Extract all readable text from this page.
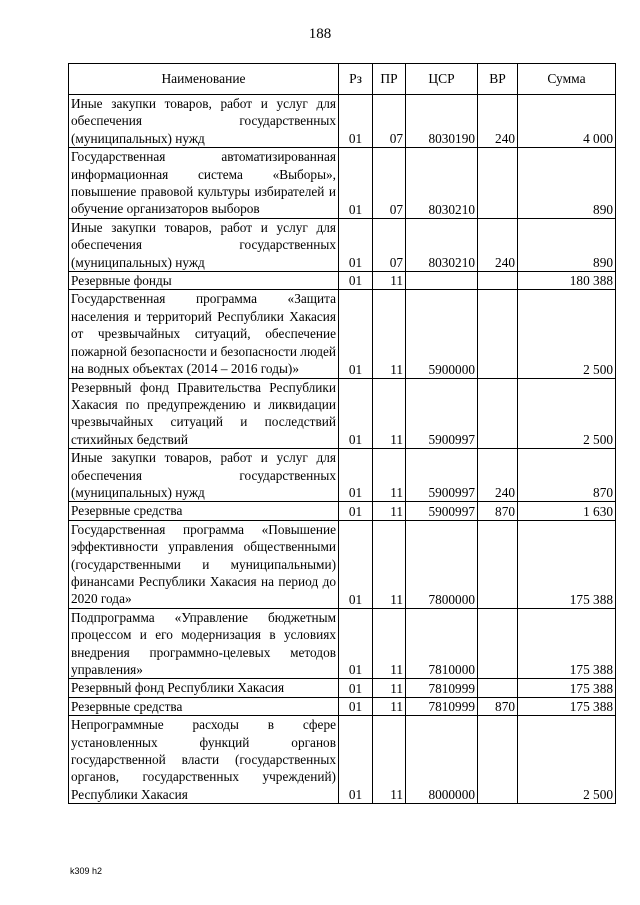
188
Наименование	Рз	ПР	ЦСР	ВР	Сумма
Иные закупки товаров, работ и услуг для обеспечения государственных (муниципальных) нужд	01	07	8030190	240	4 000
Государственная автоматизированная информационная система «Выборы», повышение правовой культуры избирателей и обучение организаторов выборов	01	07	8030210		890
Иные закупки товаров, работ и услуг для обеспечения государственных (муниципальных) нужд	01	07	8030210	240	890
Резервные фонды	01	11			180 388
Государственная программа «Защита населения и территорий Республики Хакасия от чрезвычайных ситуаций, обеспечение пожарной безопасности и безопасности людей на водных объектах (2014 – 2016 годы)»	01	11	5900000		2 500
Резервный фонд Правительства Республики Хакасия по предупреждению и ликвидации чрезвычайных ситуаций и последствий стихийных бедствий	01	11	5900997		2 500
Иные закупки товаров, работ и услуг для обеспечения государственных (муниципальных) нужд	01	11	5900997	240	870
Резервные средства	01	11	5900997	870	1 630
Государственная программа «Повышение эффективности управления общественными (государственными и муниципальными) финансами Республики Хакасия на период до 2020 года»	01	11	7800000		175 388
Подпрограмма «Управление бюджетным процессом и его модернизация в условиях внедрения программно-целевых методов управления»	01	11	7810000		175 388
Резервный фонд Республики Хакасия	01	11	7810999		175 388
Резервные средства	01	11	7810999	870	175 388
Непрограммные расходы в сфере установленных функций органов государственной власти (государственных органов, государственных учреждений) Республики Хакасия	01	11	8000000		2 500
k309 h2
